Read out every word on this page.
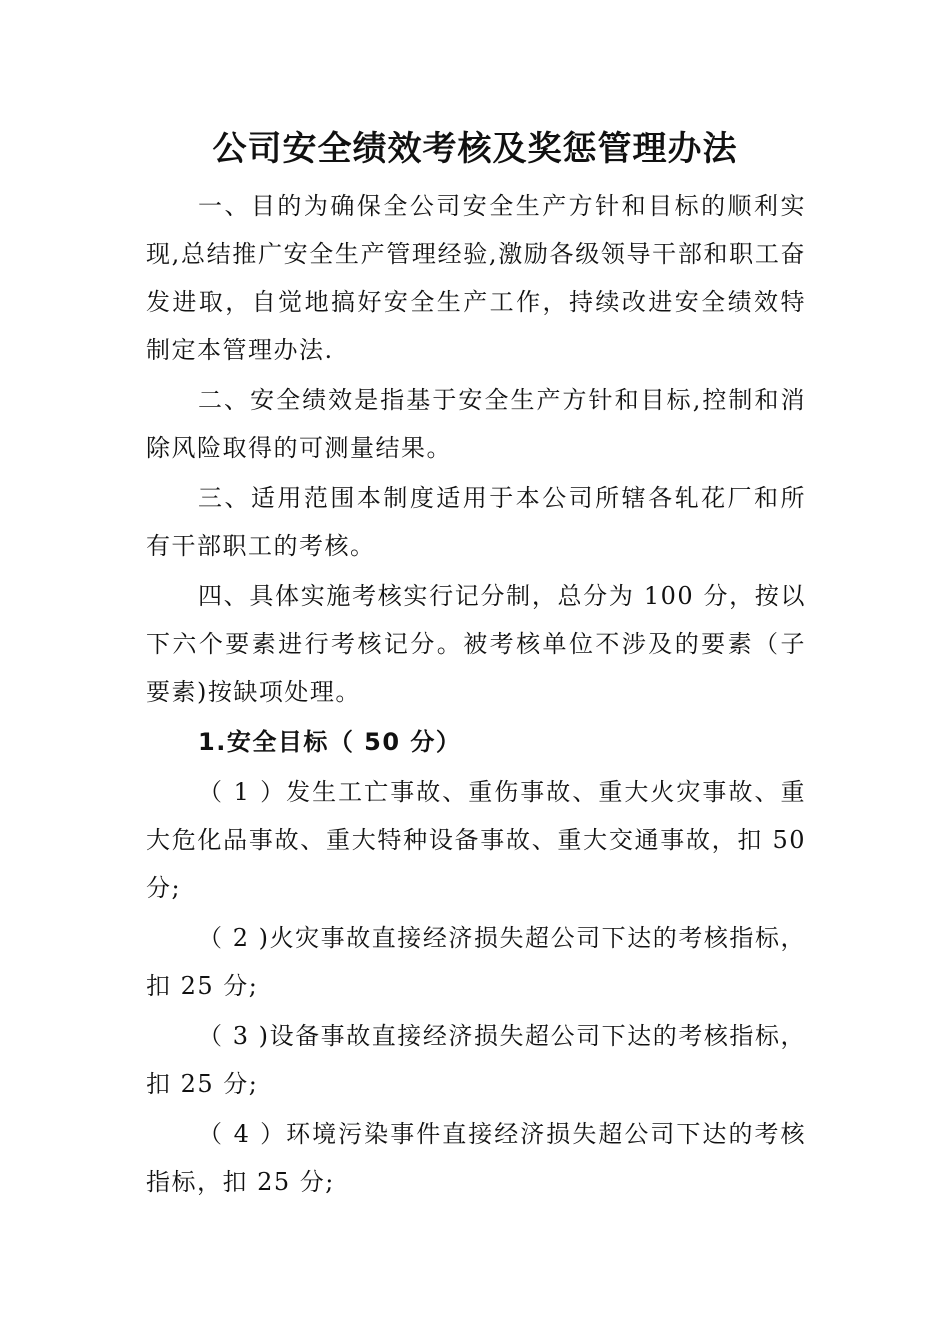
公司安全绩效考核及奖惩管理办法

一、目的为确保全公司安全生产方针和目标的顺利实现,总结推广安全生产管理经验,激励各级领导干部和职工奋发进取，自觉地搞好安全生产工作，持续改进安全绩效特制定本管理办法.

二、安全绩效是指基于安全生产方针和目标,控制和消除风险取得的可测量结果。

三、适用范围本制度适用于本公司所辖各轧花厂和所有干部职工的考核。

四、具体实施考核实行记分制，总分为 100 分，按以下六个要素进行考核记分。被考核单位不涉及的要素（子要素)按缺项处理。

1.安全目标（ 50 分）

（ 1 ）发生工亡事故、重伤事故、重大火灾事故、重大危化品事故、重大特种设备事故、重大交通事故，扣 50 分;

（ 2 )火灾事故直接经济损失超公司下达的考核指标，扣 25 分;

（ 3 )设备事故直接经济损失超公司下达的考核指标，扣 25 分;

（ 4 ）环境污染事件直接经济损失超公司下达的考核指标，扣 25 分;
